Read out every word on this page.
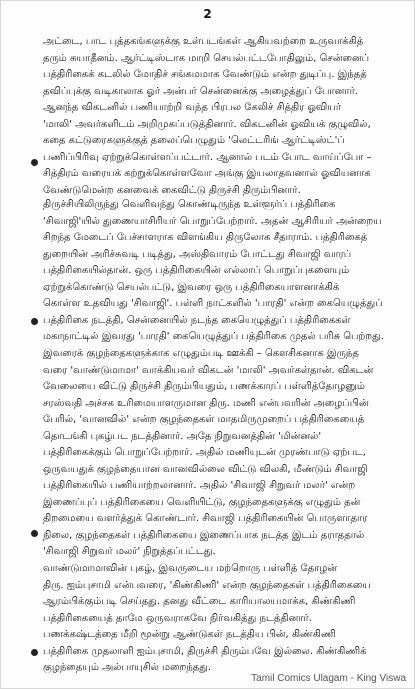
2
அட்டை, பாட புத்தகங்களுக்கு உள்படங்கள் ஆகியவற்றை உருவாக்கித்
தரும் சுயாதீனம். ஆர்ட்டிஸ்டாக மாறி செயல்பட்டபோதிலும், சென்னைப்
பத்திரிகைக் கடலில் மோதிச் சங்கமமாக வேண்டும் என்ற துடிப்பு. இந்தத்
தவிப்புக்கு வடிகாலாக ஓர் அன்பர் சென்னைக்கு அழைத்துப் போனார்.
ஆனந்த விகடனில் பணியாற்றி வந்த பிரபல கேலிச் சித்திர ஓவியர்
'மாலி' அவர்களிடம் அறிமுகப்படுத்தினார். விகடனின் ஓவியக் குழுவில்,
கதை கட்டுரைகளுக்குத் தலைப்பெழுதும் 'லெட்டரிங் ஆர்ட்டிஸ்ட்'ப்
பணிப்பிரிவு ஏற்றுக்கொள்ளப்பட்டார். ஆனால் படம் போட வாய்ப்போ –
சித்திரம் வரையக் கற்றுக்கொள்ளவோ அங்கு இயலாதவனால் ஓவியனாக
வேண்டுமென்ற கனவைக் கைவிட்டு திருச்சி திரும்பினார்.
திருச்சியிலிருந்து வெளிவந்து கொண்டிருந்த உள்ளூர்ப் பத்திரிகை
'சிவாஜி'யில் துணையாசிரியர் பொறுப்பேற்றார். அதன் ஆசிரியர் அன்றைய
சிறந்த மேடைப் பேச்சாளராக விளங்கிய திருலோக சீதாராம். பத்திரிகைத்
துறையின் அரிச்சுவடி படித்து, அஸ்திவாரம் போட்டது சிவாஜி வாரப்
பத்திரிகையில்தான். ஒரு பத்திரிகையின் எல்லாப் பொறுப்புகளையும்
ஏற்றுக்கொண்டு செயல்பட்டு, இவரை ஒரு பத்திரிகையாளனாக்கிக்
கொள்ள உதவியது 'சிவாஜி'. பள்ளி நாட்களில் 'பாரதி' என்ற கையெழுத்துப்
பத்திரிகை நடத்தி, சென்னையில் நடந்த கையெழுத்துப் பத்திரிகைகள்
மகாநாட்டில் இவரது 'பாரதி' கையெழுத்துப் பத்திரிகை முதல் பரிசு பெற்றது.
இவரைக் குழந்தைகளுக்காக எழுதும்படி ஊக்கி – கௌசிகனாக இருந்த
வரை 'வாண்டுமாமா' வாக்கியவர் விகடன் 'மாலி' அவர்கள்தான். விகடன்
வேலையை விட்டு திருச்சி திரும்பியதும், பணக்காரப் பள்ளித்தோழனும்
சரஸ்வதி அச்சக உரிமையாளருமான திரு. மணி என்பவரின் அழைப்பின்
பேரில், 'வானவில்' என்ற குழந்தைகள் மாதமிருமுறைப் பத்திரிகையைத்
தொடங்கி புகழ்பட நடத்தினார். அதே நிறுவனத்தின் 'மின்னல்'
பத்திரிகைக்கும் பொறுப்பேற்றார். அதில் மணியுடன் முரண்பாடு ஏற்பட,
ஒருவயதுக் குழந்தையான வானவில்லை விட்டு விலகி, மீண்டும் சிவாஜி
பத்திரிகையில் பணியாற்றலானார். அதில் 'சிவாஜி சிறுவர் மலர்' என்ற
இணைப்புப் பத்திரிகையை வெளியிட்டு, குழந்தைகளுக்கு எழுதும் தன்
திறமையை வளர்த்துக் கொண்டார். சிவாஜி பத்திரிகையின் பொருளாதார
நிலை, குழந்தைகள் பத்திரிகையை இணைப்பாக நடத்த இடம் தராததால்
'சிவாஜி சிறுவர் மலர்' நிறுத்தப்பட்டது.
வாண்டுமாமாவின் புகழ், இவருடைய மற்றொரு பள்ளித் தோழன்
திரு. ஐம்புசாமி என்பவரை, 'கிண்கிணி' என்ற குழந்தைகள் பத்திரிகையை
ஆரம்பிக்கும்படி செய்தது. தனது வீட்டை காரியாலயமாக்க, கிண்கிணி
பத்திரிகையைத் தாமே ஒருவராகவே நிர்வகித்து நடத்தினார்.
பணக்கஷ்டத்தை மீறி மூன்று ஆண்டுகள் நடத்திய பின், கிண்கிணி
பத்திரிகை முதலாளி ஐம்புசாமி, திருச்சி திரும்பவே இல்லை. கிண்கிணிக்
குழந்தையும் அல்பாயுசில் மறைந்தது.
Tamil Comics Ulagam - King Viswa
